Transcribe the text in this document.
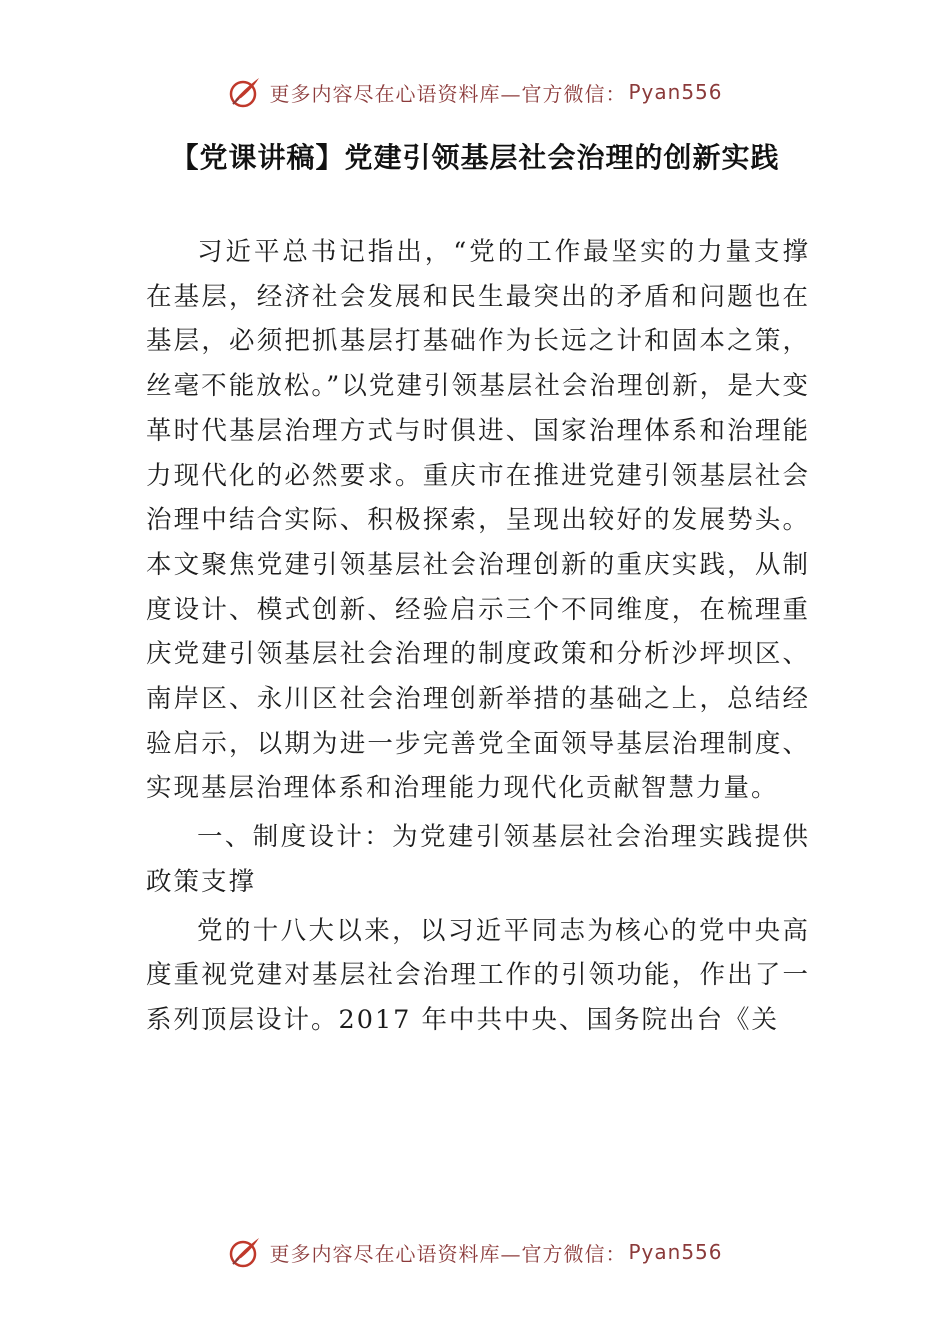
更多内容尽在心语资料库—官方微信： Pyan556
【党课讲稿】党建引领基层社会治理的创新实践

习近平总书记指出，“党的工作最坚实的力量支撑在基层，经济社会发展和民生最突出的矛盾和问题也在基层，必须把抓基层打基础作为长远之计和固本之策，丝毫不能放松。”以党建引领基层社会治理创新，是大变革时代基层治理方式与时俱进、国家治理体系和治理能力现代化的必然要求。重庆市在推进党建引领基层社会治理中结合实际、积极探索，呈现出较好的发展势头。本文聚焦党建引领基层社会治理创新的重庆实践，从制度设计、模式创新、经验启示三个不同维度，在梳理重庆党建引领基层社会治理的制度政策和分析沙坪坝区、南岸区、永川区社会治理创新举措的基础之上，总结经验启示，以期为进一步完善党全面领导基层治理制度、实现基层治理体系和治理能力现代化贡献智慧力量。

一、制度设计：为党建引领基层社会治理实践提供政策支撑

党的十八大以来，以习近平同志为核心的党中央高度重视党建对基层社会治理工作的引领功能，作出了一系列顶层设计。2017 年中共中央、国务院出台《关

更多内容尽在心语资料库—官方微信： Pyan556
